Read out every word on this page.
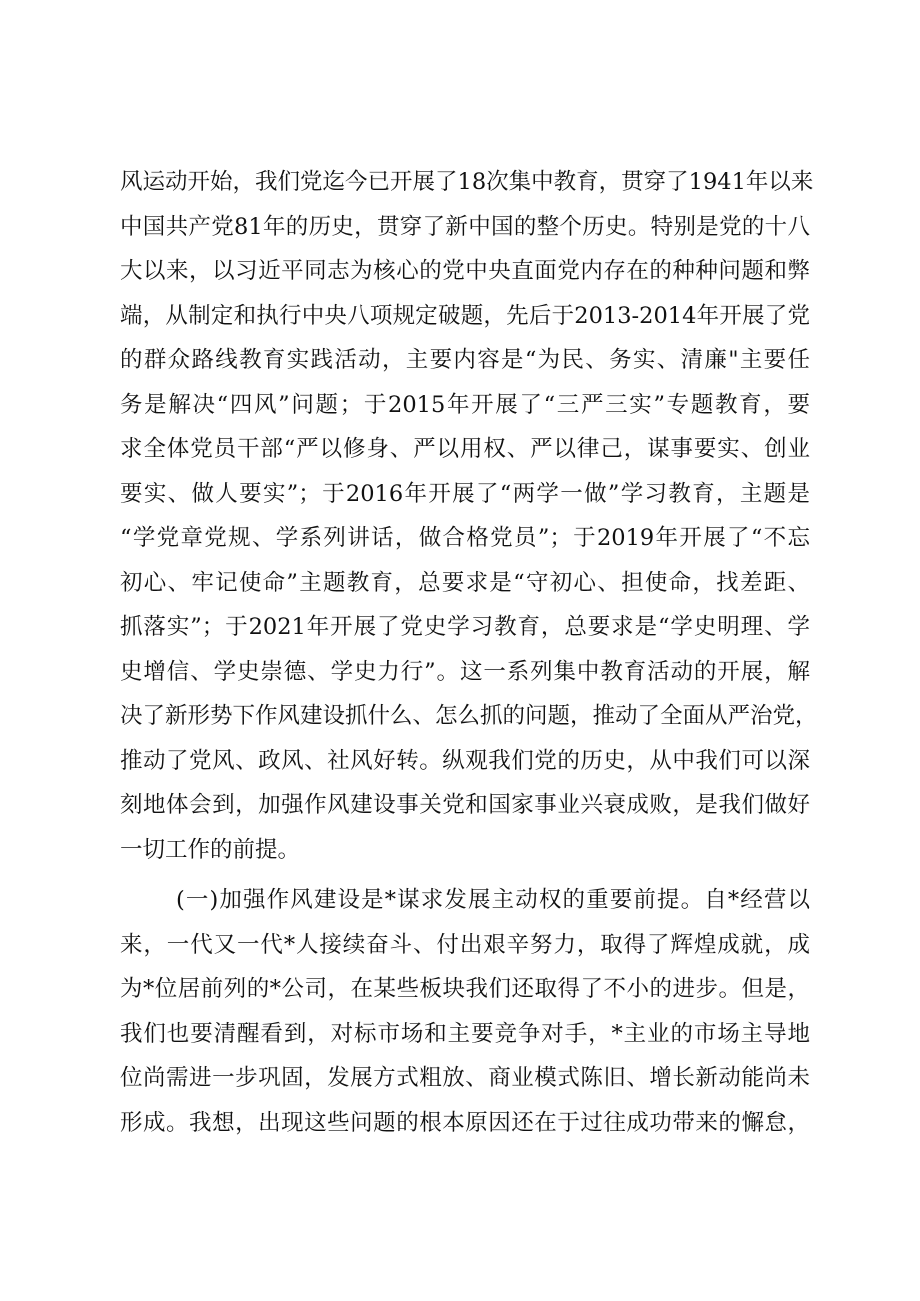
风运动开始，我们党迄今已开展了18次集中教育，贯穿了1941年以来
中国共产党81年的历史，贯穿了新中国的整个历史。特别是党的十八
大以来，以习近平同志为核心的党中央直面党内存在的种种问题和弊
端，从制定和执行中央八项规定破题，先后于2013-2014年开展了党
的群众路线教育实践活动，主要内容是“为民、务实、清廉"主要任
务是解决“四风”问题；于2015年开展了“三严三实”专题教育，要
求全体党员干部“严以修身、严以用权、严以律己，谋事要实、创业
要实、做人要实”；于2016年开展了“两学一做”学习教育，主题是
“学党章党规、学系列讲话，做合格党员”；于2019年开展了“不忘
初心、牢记使命”主题教育，总要求是“守初心、担使命，找差距、
抓落实”；于2021年开展了党史学习教育，总要求是“学史明理、学
史增信、学史崇德、学史力行”。这一系列集中教育活动的开展，解
决了新形势下作风建设抓什么、怎么抓的问题，推动了全面从严治党，
推动了党风、政风、社风好转。纵观我们党的历史，从中我们可以深
刻地体会到，加强作风建设事关党和国家事业兴衰成败，是我们做好
一切工作的前提。
(一)加强作风建设是*谋求发展主动权的重要前提。自*经营以
来，一代又一代*人接续奋斗、付出艰辛努力，取得了辉煌成就，成
为*位居前列的*公司，在某些板块我们还取得了不小的进步。但是，
我们也要清醒看到，对标市场和主要竞争对手，*主业的市场主导地
位尚需进一步巩固，发展方式粗放、商业模式陈旧、增长新动能尚未
形成。我想，出现这些问题的根本原因还在于过往成功带来的懈怠，
